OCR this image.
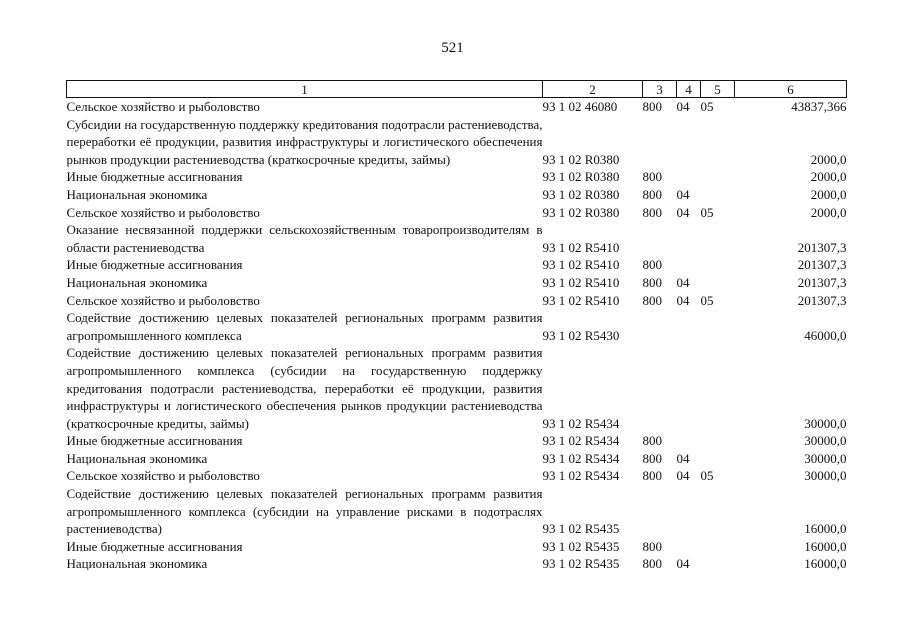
521
1	2	3	4	5	6
Сельское хозяйство и рыболовство	93 1 02 46080	800	04	05	43837,366
Субсидии на государственную поддержку кредитования подотрасли растениеводства, переработки её продукции, развития инфраструктуры и логистического обеспечения рынков продукции растениеводства (краткосрочные кредиты, займы)	93 1 02 R0380				2000,0
Иные бюджетные ассигнования	93 1 02 R0380	800			2000,0
Национальная экономика	93 1 02 R0380	800	04		2000,0
Сельское хозяйство и рыболовство	93 1 02 R0380	800	04	05	2000,0
Оказание несвязанной поддержки сельскохозяйственным товаропроизводителям в области растениеводства	93 1 02 R5410				201307,3
Иные бюджетные ассигнования	93 1 02 R5410	800			201307,3
Национальная экономика	93 1 02 R5410	800	04		201307,3
Сельское хозяйство и рыболовство	93 1 02 R5410	800	04	05	201307,3
Содействие достижению целевых показателей региональных программ развития агропромышленного комплекса	93 1 02 R5430				46000,0
Содействие достижению целевых показателей региональных программ развития агропромышленного комплекса (субсидии на государственную поддержку кредитования подотрасли растениеводства, переработки её продукции, развития инфраструктуры и логистического обеспечения рынков продукции растениеводства (краткосрочные кредиты, займы)	93 1 02 R5434				30000,0
Иные бюджетные ассигнования	93 1 02 R5434	800			30000,0
Национальная экономика	93 1 02 R5434	800	04		30000,0
Сельское хозяйство и рыболовство	93 1 02 R5434	800	04	05	30000,0
Содействие достижению целевых показателей региональных программ развития агропромышленного комплекса (субсидии на управление рисками в подотраслях растениеводства)	93 1 02 R5435				16000,0
Иные бюджетные ассигнования	93 1 02 R5435	800			16000,0
Национальная экономика	93 1 02 R5435	800	04		16000,0
